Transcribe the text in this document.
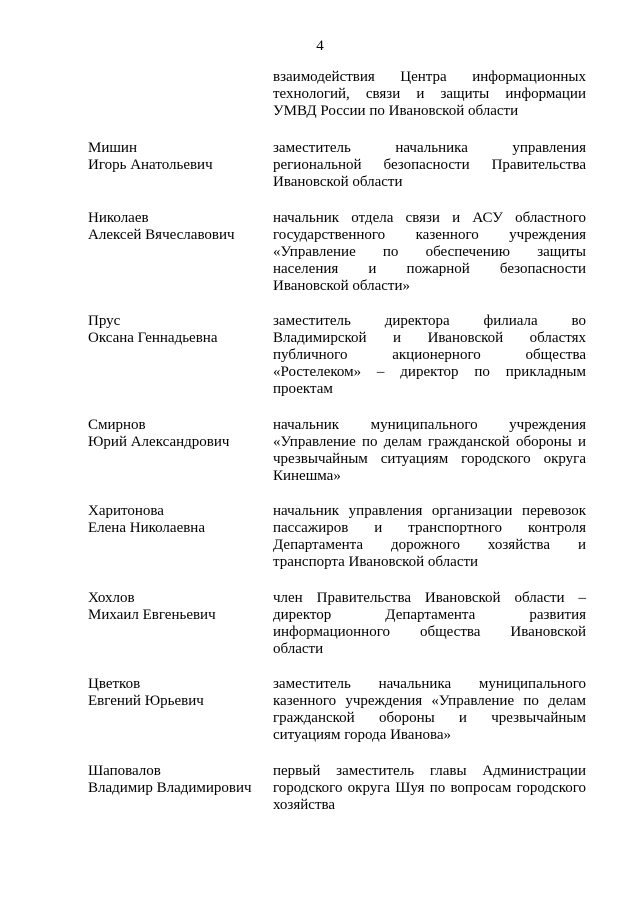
4
взаимодействия Центра информационных
технологий, связи и защиты информации
УМВД России по Ивановской области
Мишин
Игорь Анатольевич
заместитель начальника управления
региональной безопасности Правительства
Ивановской области
Николаев
Алексей Вячеславович
начальник отдела связи и АСУ областного
государственного казенного учреждения
«Управление по обеспечению защиты
населения и пожарной безопасности
Ивановской области»
Прус
Оксана Геннадьевна
заместитель директора филиала во
Владимирской и Ивановской областях
публичного акционерного общества
«Ростелеком» – директор по прикладным
проектам
Смирнов
Юрий Александрович
начальник муниципального учреждения
«Управление по делам гражданской обороны и
чрезвычайным ситуациям городского округа
Кинешма»
Харитонова
Елена Николаевна
начальник управления организации перевозок
пассажиров и транспортного контроля
Департамента дорожного хозяйства и
транспорта Ивановской области
Хохлов
Михаил Евгеньевич
член Правительства Ивановской области –
директор Департамента развития
информационного общества Ивановской
области
Цветков
Евгений Юрьевич
заместитель начальника муниципального
казенного учреждения «Управление по делам
гражданской обороны и чрезвычайным
ситуациям города Иванова»
Шаповалов
Владимир Владимирович
первый заместитель главы Администрации
городского округа Шуя по вопросам городского
хозяйства
